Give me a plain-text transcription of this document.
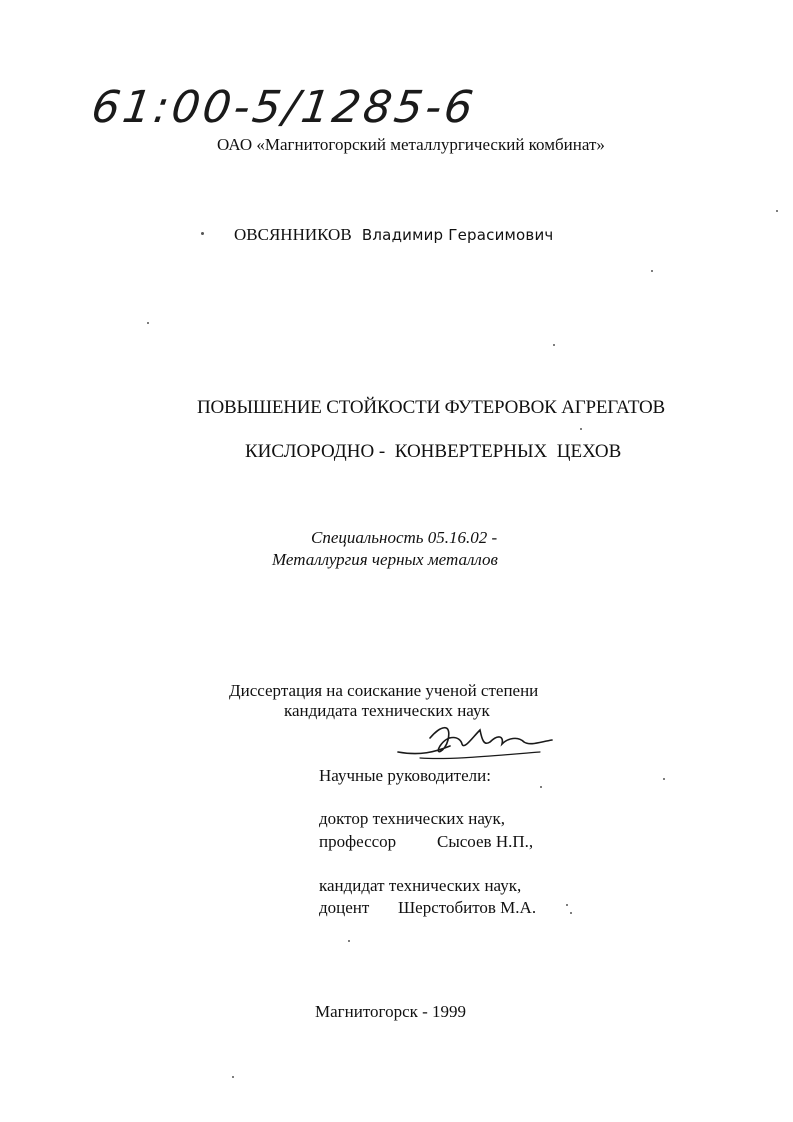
61:00-5/1285-6
ОАО «Магнитогорский металлургический комбинат»
ОВСЯННИКОВ Владимир Герасимович
ПОВЫШЕНИЕ СТОЙКОСТИ ФУТЕРОВОК АГРЕГАТОВ
КИСЛОРОДНО -  КОНВЕРТЕРНЫХ  ЦЕХОВ
Специальность 05.16.02 -
Металлургия черных металлов
Диссертация на соискание ученой степени
кандидата технических наук
Научные руководители:
доктор технических наук,
профессор Сысоев Н.П.,
кандидат технических наук,
доцент Шерстобитов М.А.
Магнитогорск - 1999
